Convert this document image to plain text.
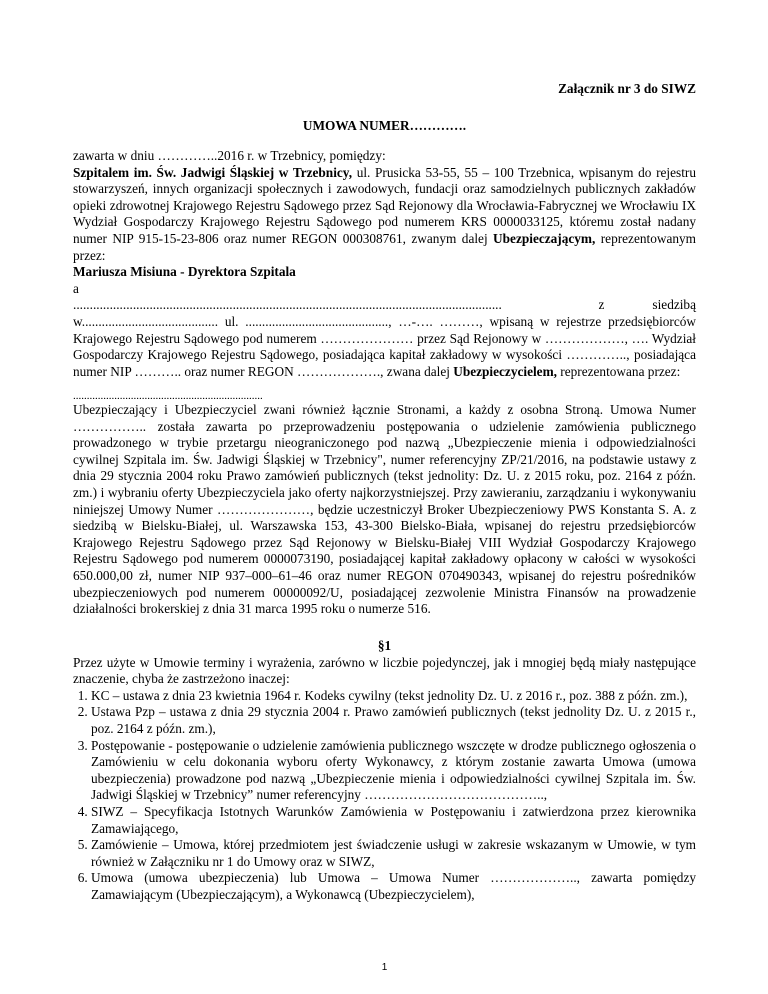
Załącznik nr 3 do SIWZ
UMOWA NUMER………….

zawarta w dniu …………..2016 r. w Trzebnicy, pomiędzy:

Szpitalem im. Św. Jadwigi Śląskiej w Trzebnicy, ul. Prusicka 53-55, 55 – 100 Trzebnica, wpisanym do rejestru stowarzyszeń, innych organizacji społecznych i zawodowych, fundacji oraz samodzielnych publicznych zakładów opieki zdrowotnej Krajowego Rejestru Sądowego przez Sąd Rejonowy dla Wrocławia-Fabrycznej we Wrocławiu IX Wydział Gospodarczy Krajowego Rejestru Sądowego pod numerem KRS 0000033125, któremu został nadany numer NIP 915-15-23-806 oraz numer REGON 000308761, zwanym dalej Ubezpieczającym, reprezentowanym przez:

Mariusza Misiuna - Dyrektora Szpitala

a

.................................................................................................................................	z	siedzibą

w......................................... ul. ..........................................., …-…. ………, wpisaną w rejestrze przedsiębiorców Krajowego Rejestru Sądowego pod numerem ………………… przez Sąd Rejonowy w ………………, …. Wydział Gospodarczy Krajowego Rejestru Sądowego, posiadająca kapitał zakładowy w wysokości ………….., posiadająca numer NIP ……….. oraz numer REGON ………………., zwana dalej Ubezpieczycielem, reprezentowana przez:

.....................................................................

Ubezpieczający i Ubezpieczyciel zwani również łącznie Stronami, a każdy z osobna Stroną. Umowa Numer …………….. została zawarta po przeprowadzeniu postępowania o udzielenie zamówienia publicznego prowadzonego w trybie przetargu nieograniczonego pod nazwą „Ubezpieczenie mienia i odpowiedzialności cywilnej Szpitala im. Św. Jadwigi Śląskiej w Trzebnicy", numer referencyjny ZP/21/2016, na podstawie ustawy z dnia 29 stycznia 2004 roku Prawo zamówień publicznych (tekst jednolity: Dz. U. z 2015 roku, poz. 2164 z późn. zm.) i wybraniu oferty Ubezpieczyciela jako oferty najkorzystniejszej. Przy zawieraniu, zarządzaniu i wykonywaniu niniejszej Umowy Numer …………………, będzie uczestniczył Broker Ubezpieczeniowy PWS Konstanta S. A. z siedzibą w Bielsku-Białej, ul. Warszawska 153, 43-300 Bielsko-Biała, wpisanej do rejestru przedsiębiorców Krajowego Rejestru Sądowego przez Sąd Rejonowy w Bielsku-Białej VIII Wydział Gospodarczy Krajowego Rejestru Sądowego pod numerem 0000073190, posiadającej kapitał zakładowy opłacony w całości w wysokości 650.000,00 zł, numer NIP 937–000–61–46 oraz numer REGON 070490343, wpisanej do rejestru pośredników ubezpieczeniowych pod numerem 00000092/U, posiadającej zezwolenie Ministra Finansów na prowadzenie działalności brokerskiej z dnia 31 marca 1995 roku o numerze 516.

§1

Przez użyte w Umowie terminy i wyrażenia, zarówno w liczbie pojedynczej, jak i mnogiej będą miały następujące znaczenie, chyba że zastrzeżono inaczej:

1. KC – ustawa z dnia 23 kwietnia 1964 r. Kodeks cywilny (tekst jednolity Dz. U. z 2016 r., poz. 388 z późn. zm.),
2. Ustawa Pzp – ustawa z dnia 29 stycznia 2004 r. Prawo zamówień publicznych (tekst jednolity Dz. U. z 2015 r., poz. 2164 z późn. zm.),
3. Postępowanie - postępowanie o udzielenie zamówienia publicznego wszczęte w drodze publicznego ogłoszenia o Zamówieniu w celu dokonania wyboru oferty Wykonawcy, z którym zostanie zawarta Umowa (umowa ubezpieczenia) prowadzone pod nazwą „Ubezpieczenie mienia i odpowiedzialności cywilnej Szpitala im. Św. Jadwigi Śląskiej w Trzebnicy” numer referencyjny …………………………………..,
4. SIWZ – Specyfikacja Istotnych Warunków Zamówienia w Postępowaniu i zatwierdzona przez kierownika Zamawiającego,
5. Zamówienie – Umowa, której przedmiotem jest świadczenie usługi w zakresie wskazanym w Umowie, w tym również w Załączniku nr 1 do Umowy oraz w SIWZ,
6. Umowa (umowa ubezpieczenia) lub Umowa – Umowa Numer ……………….., zawarta pomiędzy Zamawiającym (Ubezpieczającym), a Wykonawcą (Ubezpieczycielem),
1
